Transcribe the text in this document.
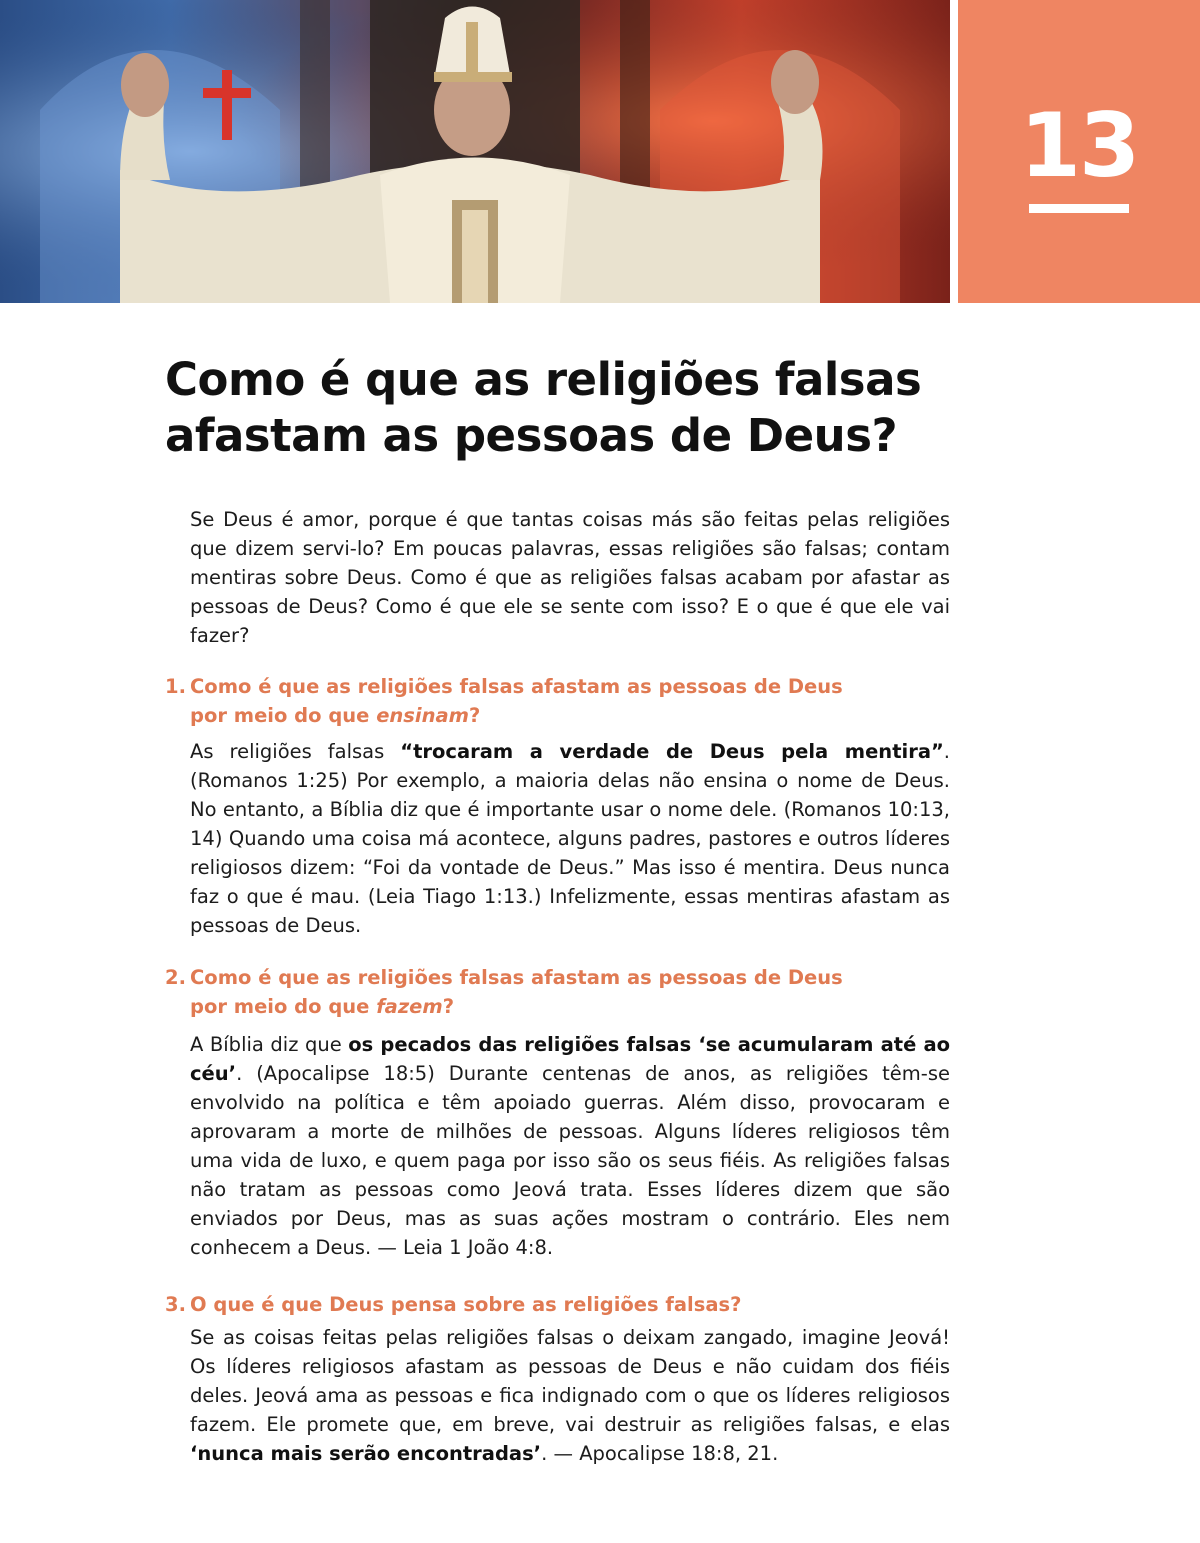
13
Como é que as religiões falsas
afastam as pessoas de Deus?

Se Deus é amor, porque é que tantas coisas más são feitas pelas religiões que dizem servi-lo? Em poucas palavras, essas religiões são falsas; contam mentiras sobre Deus. Como é que as religiões falsas acabam por afastar as pessoas de Deus? Como é que ele se sente com isso? E o que é que ele vai fazer?

1. Como é que as religiões falsas afastam as pessoas de Deus
por meio do que ensinam?

As religiões falsas “trocaram a verdade de Deus pela mentira”. (Romanos 1:25) Por exemplo, a maioria delas não ensina o nome de Deus. No entanto, a Bíblia diz que é importante usar o nome dele. (Romanos 10:13, 14) Quando uma coisa má acontece, alguns padres, pastores e outros líderes religiosos dizem: “Foi da vontade de Deus.” Mas isso é mentira. Deus nunca faz o que é mau. (Leia Tiago 1:13.) Infelizmente, essas mentiras afastam as pessoas de Deus.

2. Como é que as religiões falsas afastam as pessoas de Deus
por meio do que fazem?

A Bíblia diz que os pecados das religiões falsas ‘se acumularam até ao céu’. (Apocalipse 18:5) Durante centenas de anos, as religiões têm-se envolvido na política e têm apoiado guerras. Além disso, provocaram e aprovaram a morte de milhões de pessoas. Alguns líderes religiosos têm uma vida de luxo, e quem paga por isso são os seus fiéis. As religiões falsas não tratam as pessoas como Jeová trata. Esses líderes dizem que são enviados por Deus, mas as suas ações mostram o contrário. Eles nem conhecem a Deus. — Leia 1 João 4:8.

3. O que é que Deus pensa sobre as religiões falsas?

Se as coisas feitas pelas religiões falsas o deixam zangado, imagine Jeová! Os líderes religiosos afastam as pessoas de Deus e não cuidam dos fiéis deles. Jeová ama as pessoas e fica indignado com o que os líderes religiosos fazem. Ele promete que, em breve, vai destruir as religiões falsas, e elas ‘nunca mais serão encontradas’. — Apocalipse 18:8, 21.
